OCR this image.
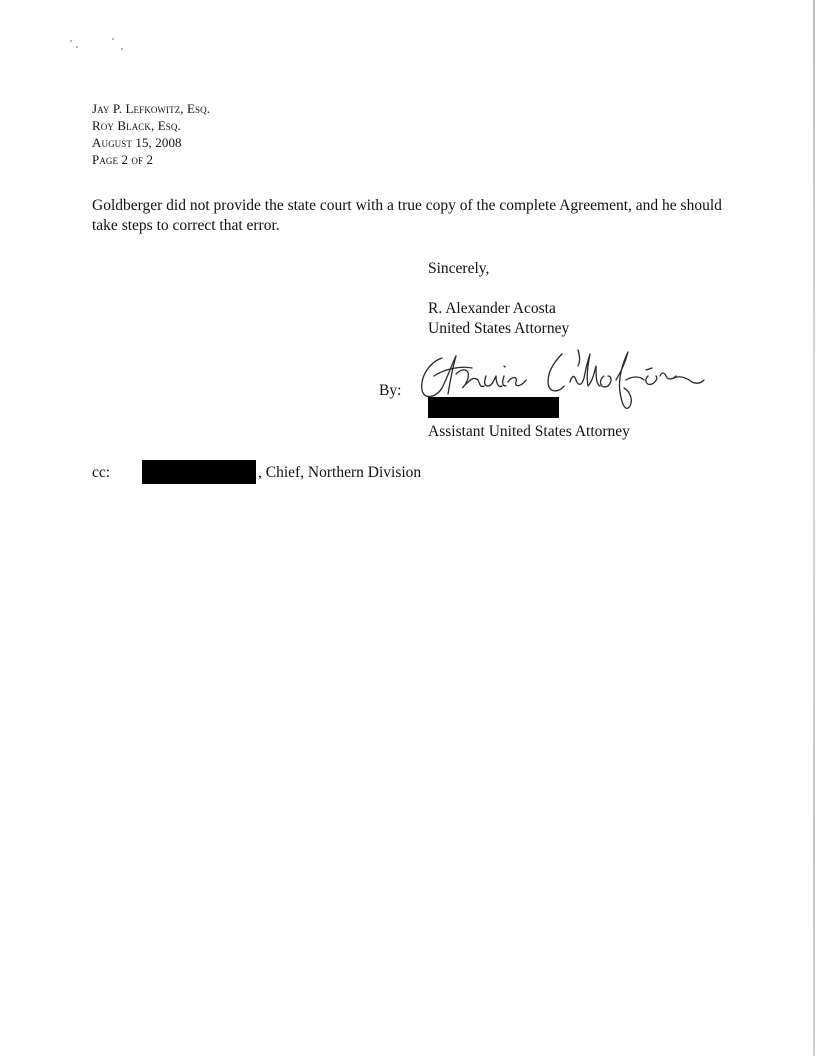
Jay P. Lefkowitz, Esq.
Roy Black, Esq.
August 15, 2008
Page 2 of 2
Goldberger did not provide the state court with a true copy of the complete Agreement, and he should take steps to correct that error.
Sincerely,
R. Alexander Acosta
United States Attorney
By:
Assistant United States Attorney
cc:	, Chief, Northern Division
